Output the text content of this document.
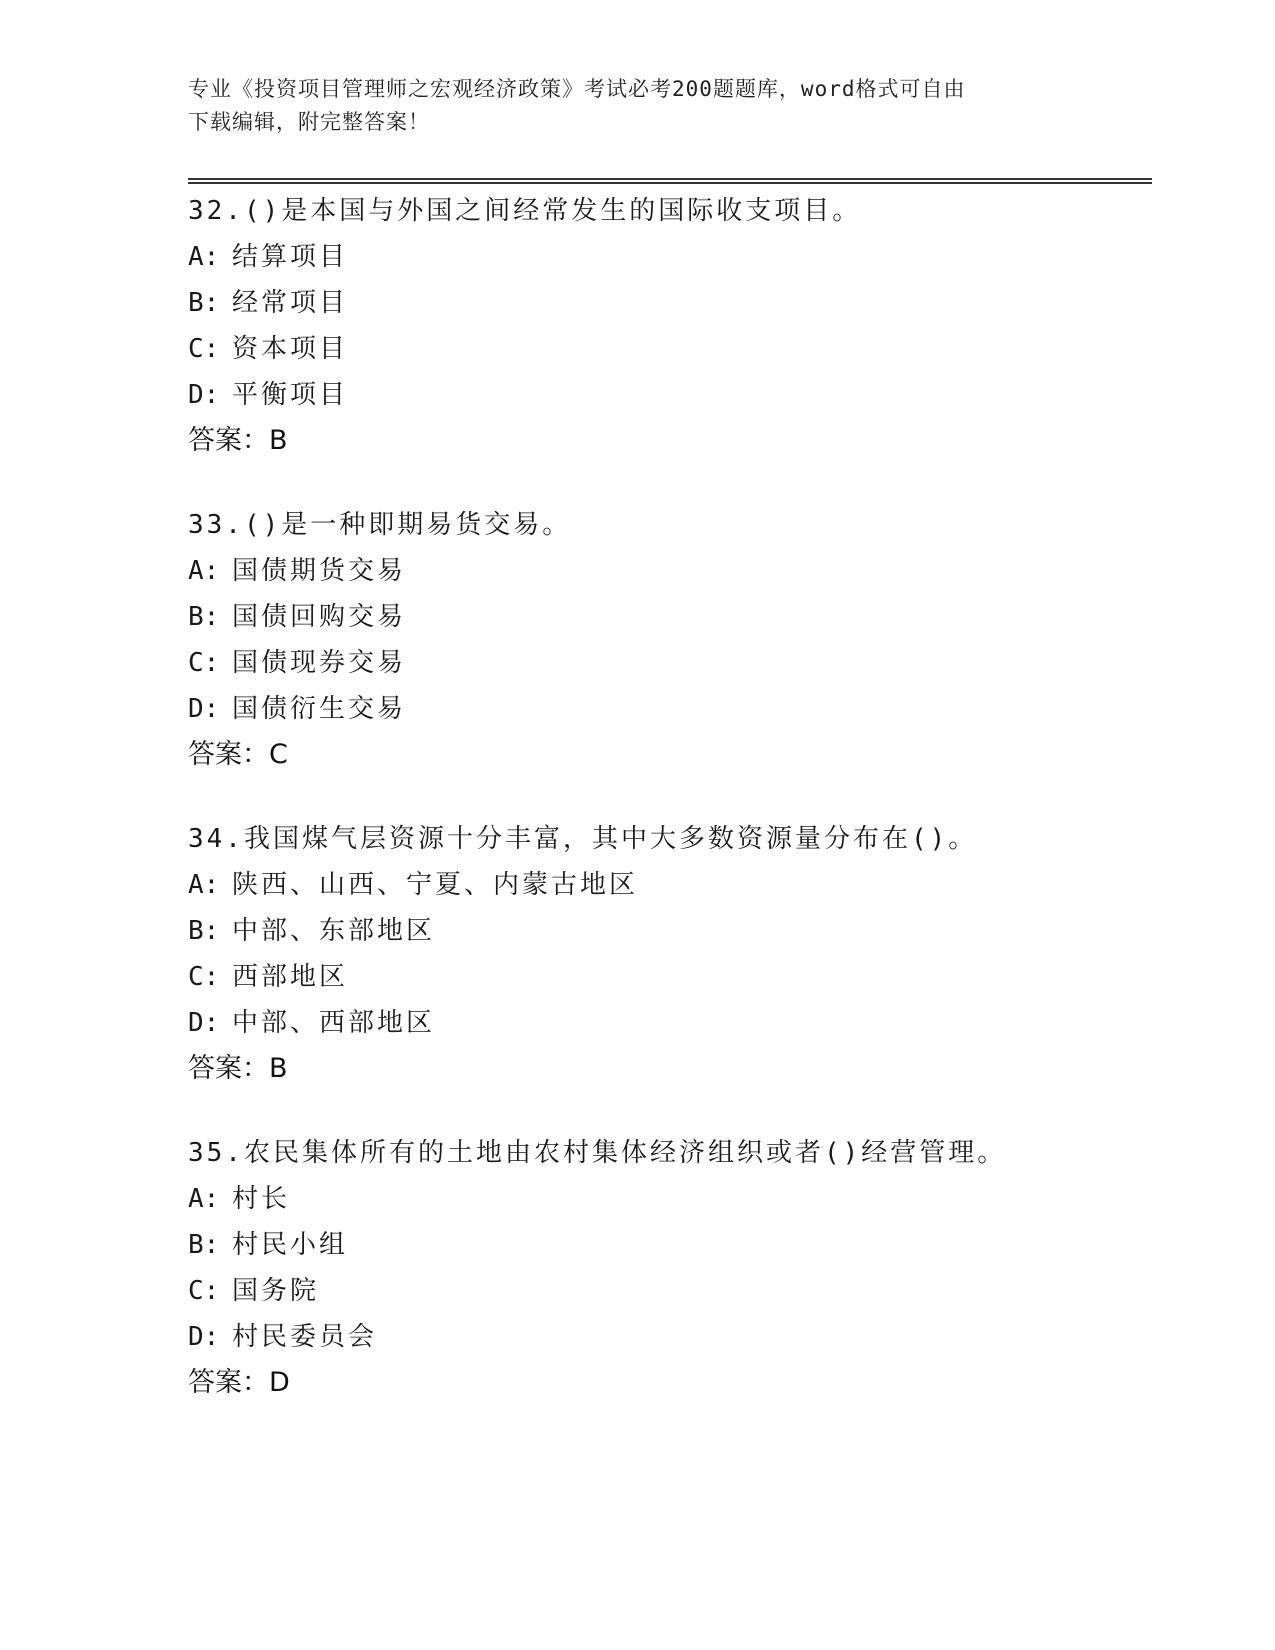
专业《投资项目管理师之宏观经济政策》考试必考200题题库，word格式可自由
下载编辑，附完整答案！
32.()是本国与外国之间经常发生的国际收支项目。
A: 结算项目
B: 经常项目
C: 资本项目
D: 平衡项目
答案：B
33.()是一种即期易货交易。
A: 国债期货交易
B: 国债回购交易
C: 国债现券交易
D: 国债衍生交易
答案：C
34.我国煤气层资源十分丰富，其中大多数资源量分布在()。
A: 陕西、山西、宁夏、内蒙古地区
B: 中部、东部地区
C: 西部地区
D: 中部、西部地区
答案：B
35.农民集体所有的土地由农村集体经济组织或者()经营管理。
A: 村长
B: 村民小组
C: 国务院
D: 村民委员会
答案：D
